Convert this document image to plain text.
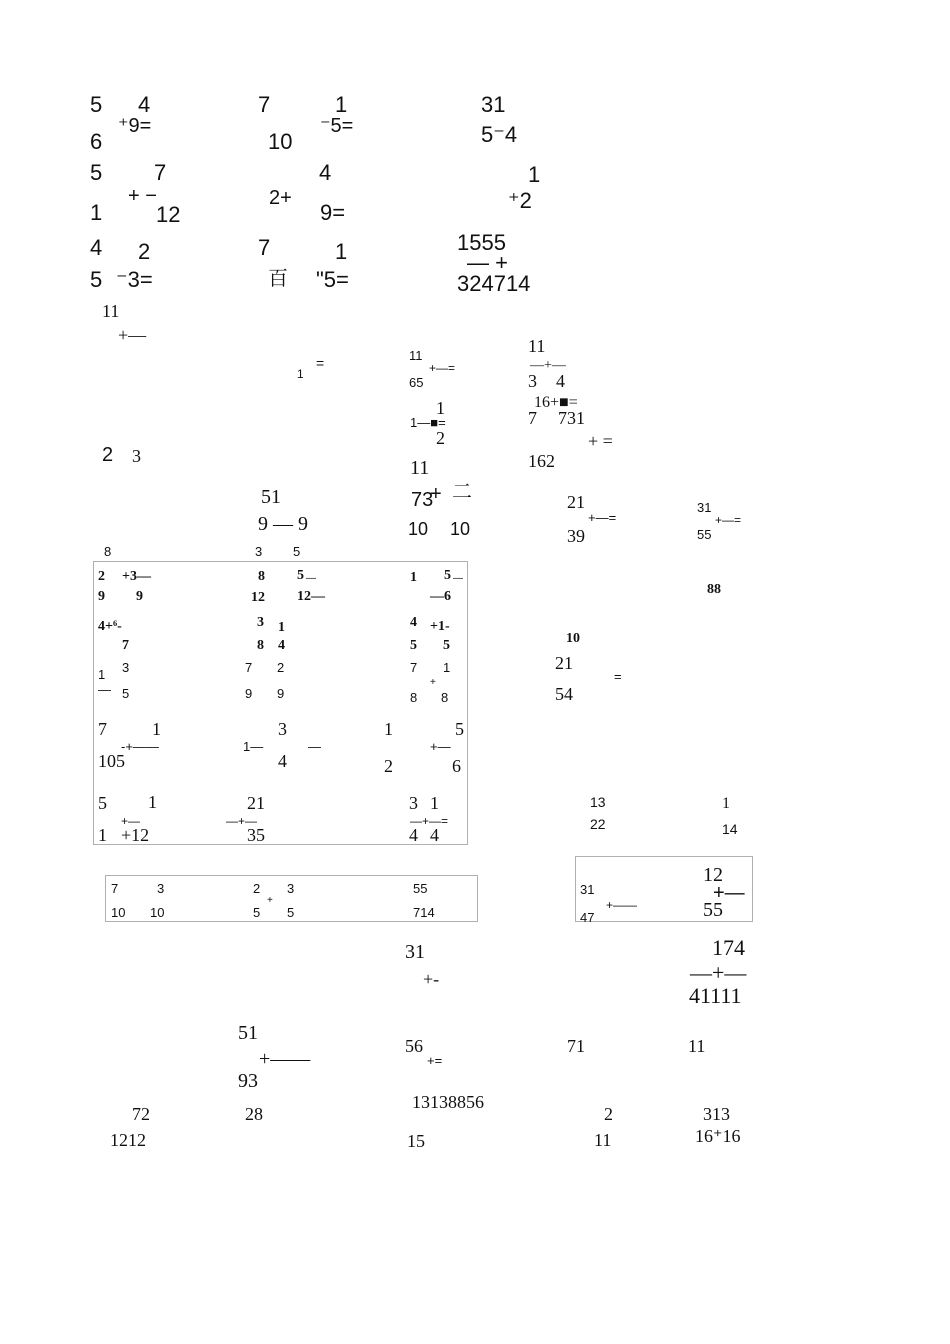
5 4
⁺9=
6
7	1
⁻5=
10
31
5⁻4
5 7
+ −
1 12
4
2+
9=
1
⁺2
4 2
5 ⁻3=
7	1
百 "5=
1555
— +
324714
11
+—
1
=	11
+—=
65
11
—+—
3 4
16+■=
7 731
+ =
162
1
1—■=
2
2 3
51
9 — 9
11
+ 二
73
10 10
21
+—=
39
31
+—=
55
8	3 5
2 +3—	8 5 —	1 5 —
9 9	12 12—	—6
4+⁶-	3 1	4 +1-
7	8 4	5 5
1 3	7 2	7 1
— 5	9 9	8
+
8
88
10
21
=
54
7	1	3	1	5
-+——	1—	—	+—
105	4	2	6
5 1	21	3 1
+—	—+—	—+—=
1 +12	35	4 4
13	1
22	14
7	3	2 3	55
10 10	5
+
5	714
12
31
+——
+—
47	55
31
+-
174
—+—
41111
51
+——
93
56
+=
71	11
72	28
13138856
2	313
1212	15	11	16⁺16
